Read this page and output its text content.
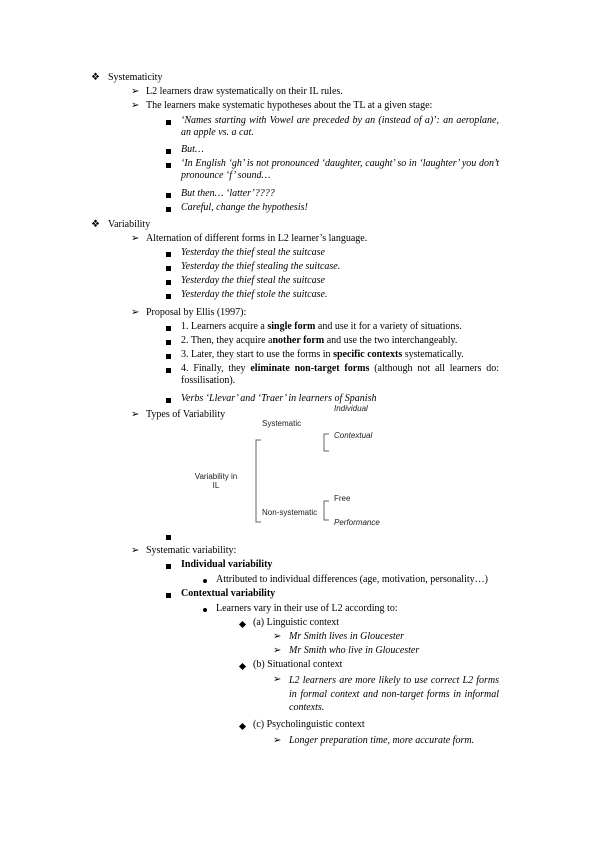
❖ Systematicity
➢ L2 learners draw systematically on their IL rules.
➢ The learners make systematic hypotheses about the TL at a given stage:
‘Names starting with Vowel are preceded by an (instead of a)’: an aeroplane, an apple vs. a cat.
But…
‘In English ‘gh’ is not pronounced ‘daughter, caught’ so in ‘laughter’ you don’t pronounce ‘f’ sound…
But then… ‘latter’????
Careful, change the hypothesis!
❖ Variability
➢ Alternation of different forms in L2 learner’s language.
Yesterday the thief steal the suitcase
Yesterday the thief stealing the suitcase.
Yesterday the thief steal the suitcase
Yesterday the thief stole the suitcase.
➢ Proposal by Ellis (1997):
1. Learners acquire a single form and use it for a variety of situations.
2. Then, they acquire another form and use the two interchangeably.
3. Later, they start to use the forms in specific contexts systematically.
4. Finally, they eliminate non-target forms (although not all learners do: fossilisation).
Verbs ‘Llevar’ and ‘Traer’ in learners of Spanish
➢ Types of Variability
Variability in
IL
Systematic
Individual
Contextual
Non-systematic
Free
Performance
➢ Systematic variability:
Individual variability
Attributed to individual differences (age, motivation, personality…)
Contextual variability
Learners vary in their use of L2 according to:
(a) Linguistic context
➢ Mr Smith lives in Gloucester
➢ Mr Smith who live in Gloucester
(b) Situational context
➢ L2 learners are more likely to use correct L2 forms in formal context and non-target forms in informal contexts.
(c) Psycholinguistic context
➢ Longer preparation time, more accurate form.
